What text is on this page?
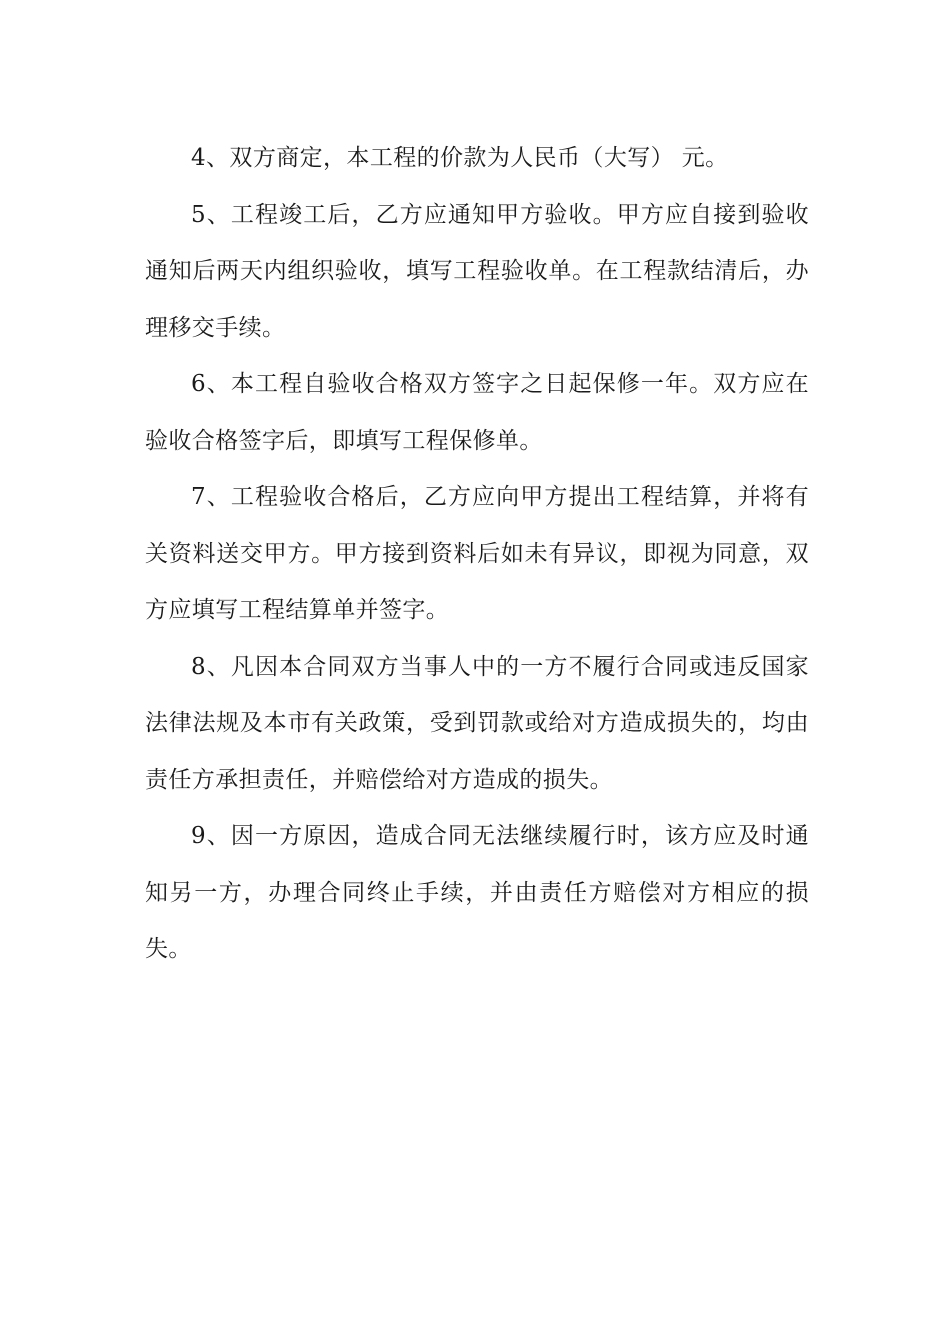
4、双方商定，本工程的价款为人民币（大写） 元。

5、工程竣工后，乙方应通知甲方验收。甲方应自接到验收通知后两天内组织验收，填写工程验收单。在工程款结清后，办理移交手续。

6、本工程自验收合格双方签字之日起保修一年。双方应在验收合格签字后，即填写工程保修单。

7、工程验收合格后，乙方应向甲方提出工程结算，并将有关资料送交甲方。甲方接到资料后如未有异议，即视为同意，双方应填写工程结算单并签字。

8、凡因本合同双方当事人中的一方不履行合同或违反国家法律法规及本市有关政策，受到罚款或给对方造成损失的，均由责任方承担责任，并赔偿给对方造成的损失。

9、因一方原因，造成合同无法继续履行时，该方应及时通知另一方，办理合同终止手续，并由责任方赔偿对方相应的损失。
